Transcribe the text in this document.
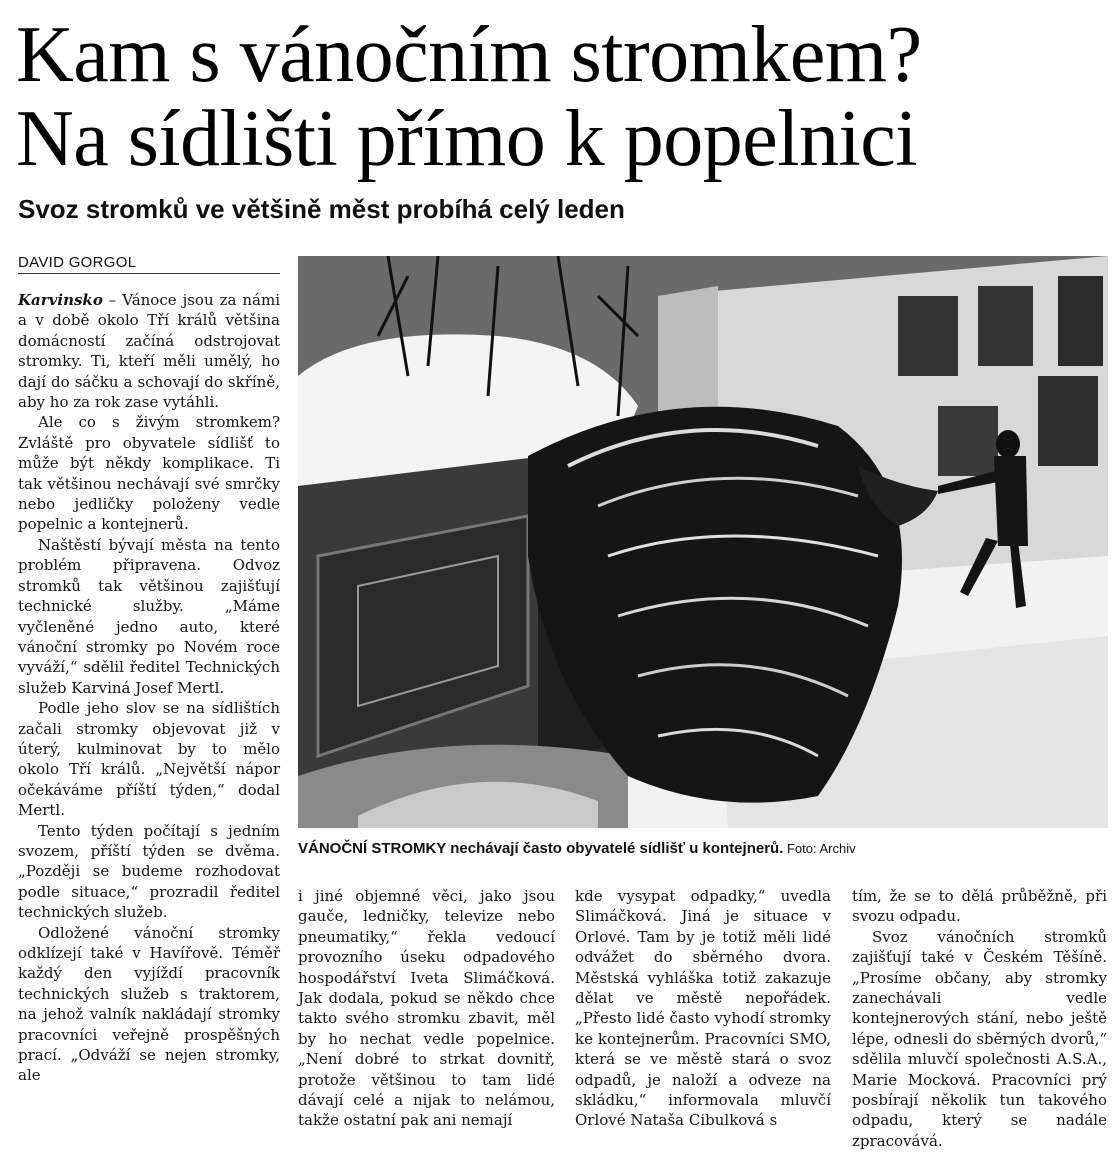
Kam s vánočním stromkem?
Na sídlišti přímo k popelnici
Svoz stromků ve většině měst probíhá celý leden
DAVID GORGOL

Karvinsko – Vánoce jsou za námi a v době okolo Tří králů většina domácností začíná odstrojovat stromky. Ti, kteří měli umělý, ho dají do sáčku a schovají do skříně, aby ho za rok zase vytáhli.

Ale co s živým stromkem? Zvláště pro obyvatele sídlišť to může být někdy komplikace. Ti tak většinou nechávají své smrčky nebo jedličky položeny vedle popelnic a kontejnerů.

Naštěstí bývají města na tento problém připravena. Odvoz stromků tak většinou zajišťují technické služby. „Máme vyčleněné jedno auto, které vánoční stromky po Novém roce vyváží,“ sdělil ředitel Technických služeb Karviná Josef Mertl.

Podle jeho slov se na sídlištích začali stromky objevovat již v úterý, kulminovat by to mělo okolo Tří králů. „Největší nápor očekáváme příští týden,“ dodal Mertl.

Tento týden počítají s jedním svozem, příští týden se dvěma. „Později se budeme rozhodovat podle situace,“ prozradil ředitel technických služeb.

Odložené vánoční stromky odklízejí také v Havířově. Téměř každý den vyjíždí pracovník technických služeb s traktorem, na jehož valník nakládají stromky pracovníci veřejně prospěšných prací. „Odváží se nejen stromky, ale

VÁNOČNÍ STROMKY nechávají často obyvatelé sídlišť u kontejnerů. Foto: Archiv

i jiné objemné věci, jako jsou gauče, ledničky, televize nebo pneumatiky,“ řekla vedoucí provozního úseku odpadového hospodářství Iveta Slimáčková. Jak dodala, pokud se někdo chce takto svého stromku zbavit, měl by ho nechat vedle popelnice. „Není dobré to strkat dovnitř, protože většinou to tam lidé dávají celé a nijak to nelámou, takže ostatní pak ani nemají

kde vysypat odpadky,“ uvedla Slimáčková. Jiná je situace v Orlové. Tam by je totiž měli lidé odvážet do sběrného dvora. Městská vyhláška totiž zakazuje dělat ve městě nepořádek. „Přesto lidé často vyhodí stromky ke kontejnerům. Pracovníci SMO, která se ve městě stará o svoz odpadů, je naloží a odveze na skládku,“ informovala mluvčí Orlové Nataša Cibulková s

tím, že se to dělá průběžně, při svozu odpadu.

Svoz vánočních stromků zajišťují také v Českém Těšíně. „Prosíme občany, aby stromky zanechávali vedle kontejnerových stání, nebo ještě lépe, odnesli do sběrných dvorů,“ sdělila mluvčí společnosti A.S.A., Marie Mocková. Pracovníci prý posbírají několik tun takového odpadu, který se nadále zpracovává.
